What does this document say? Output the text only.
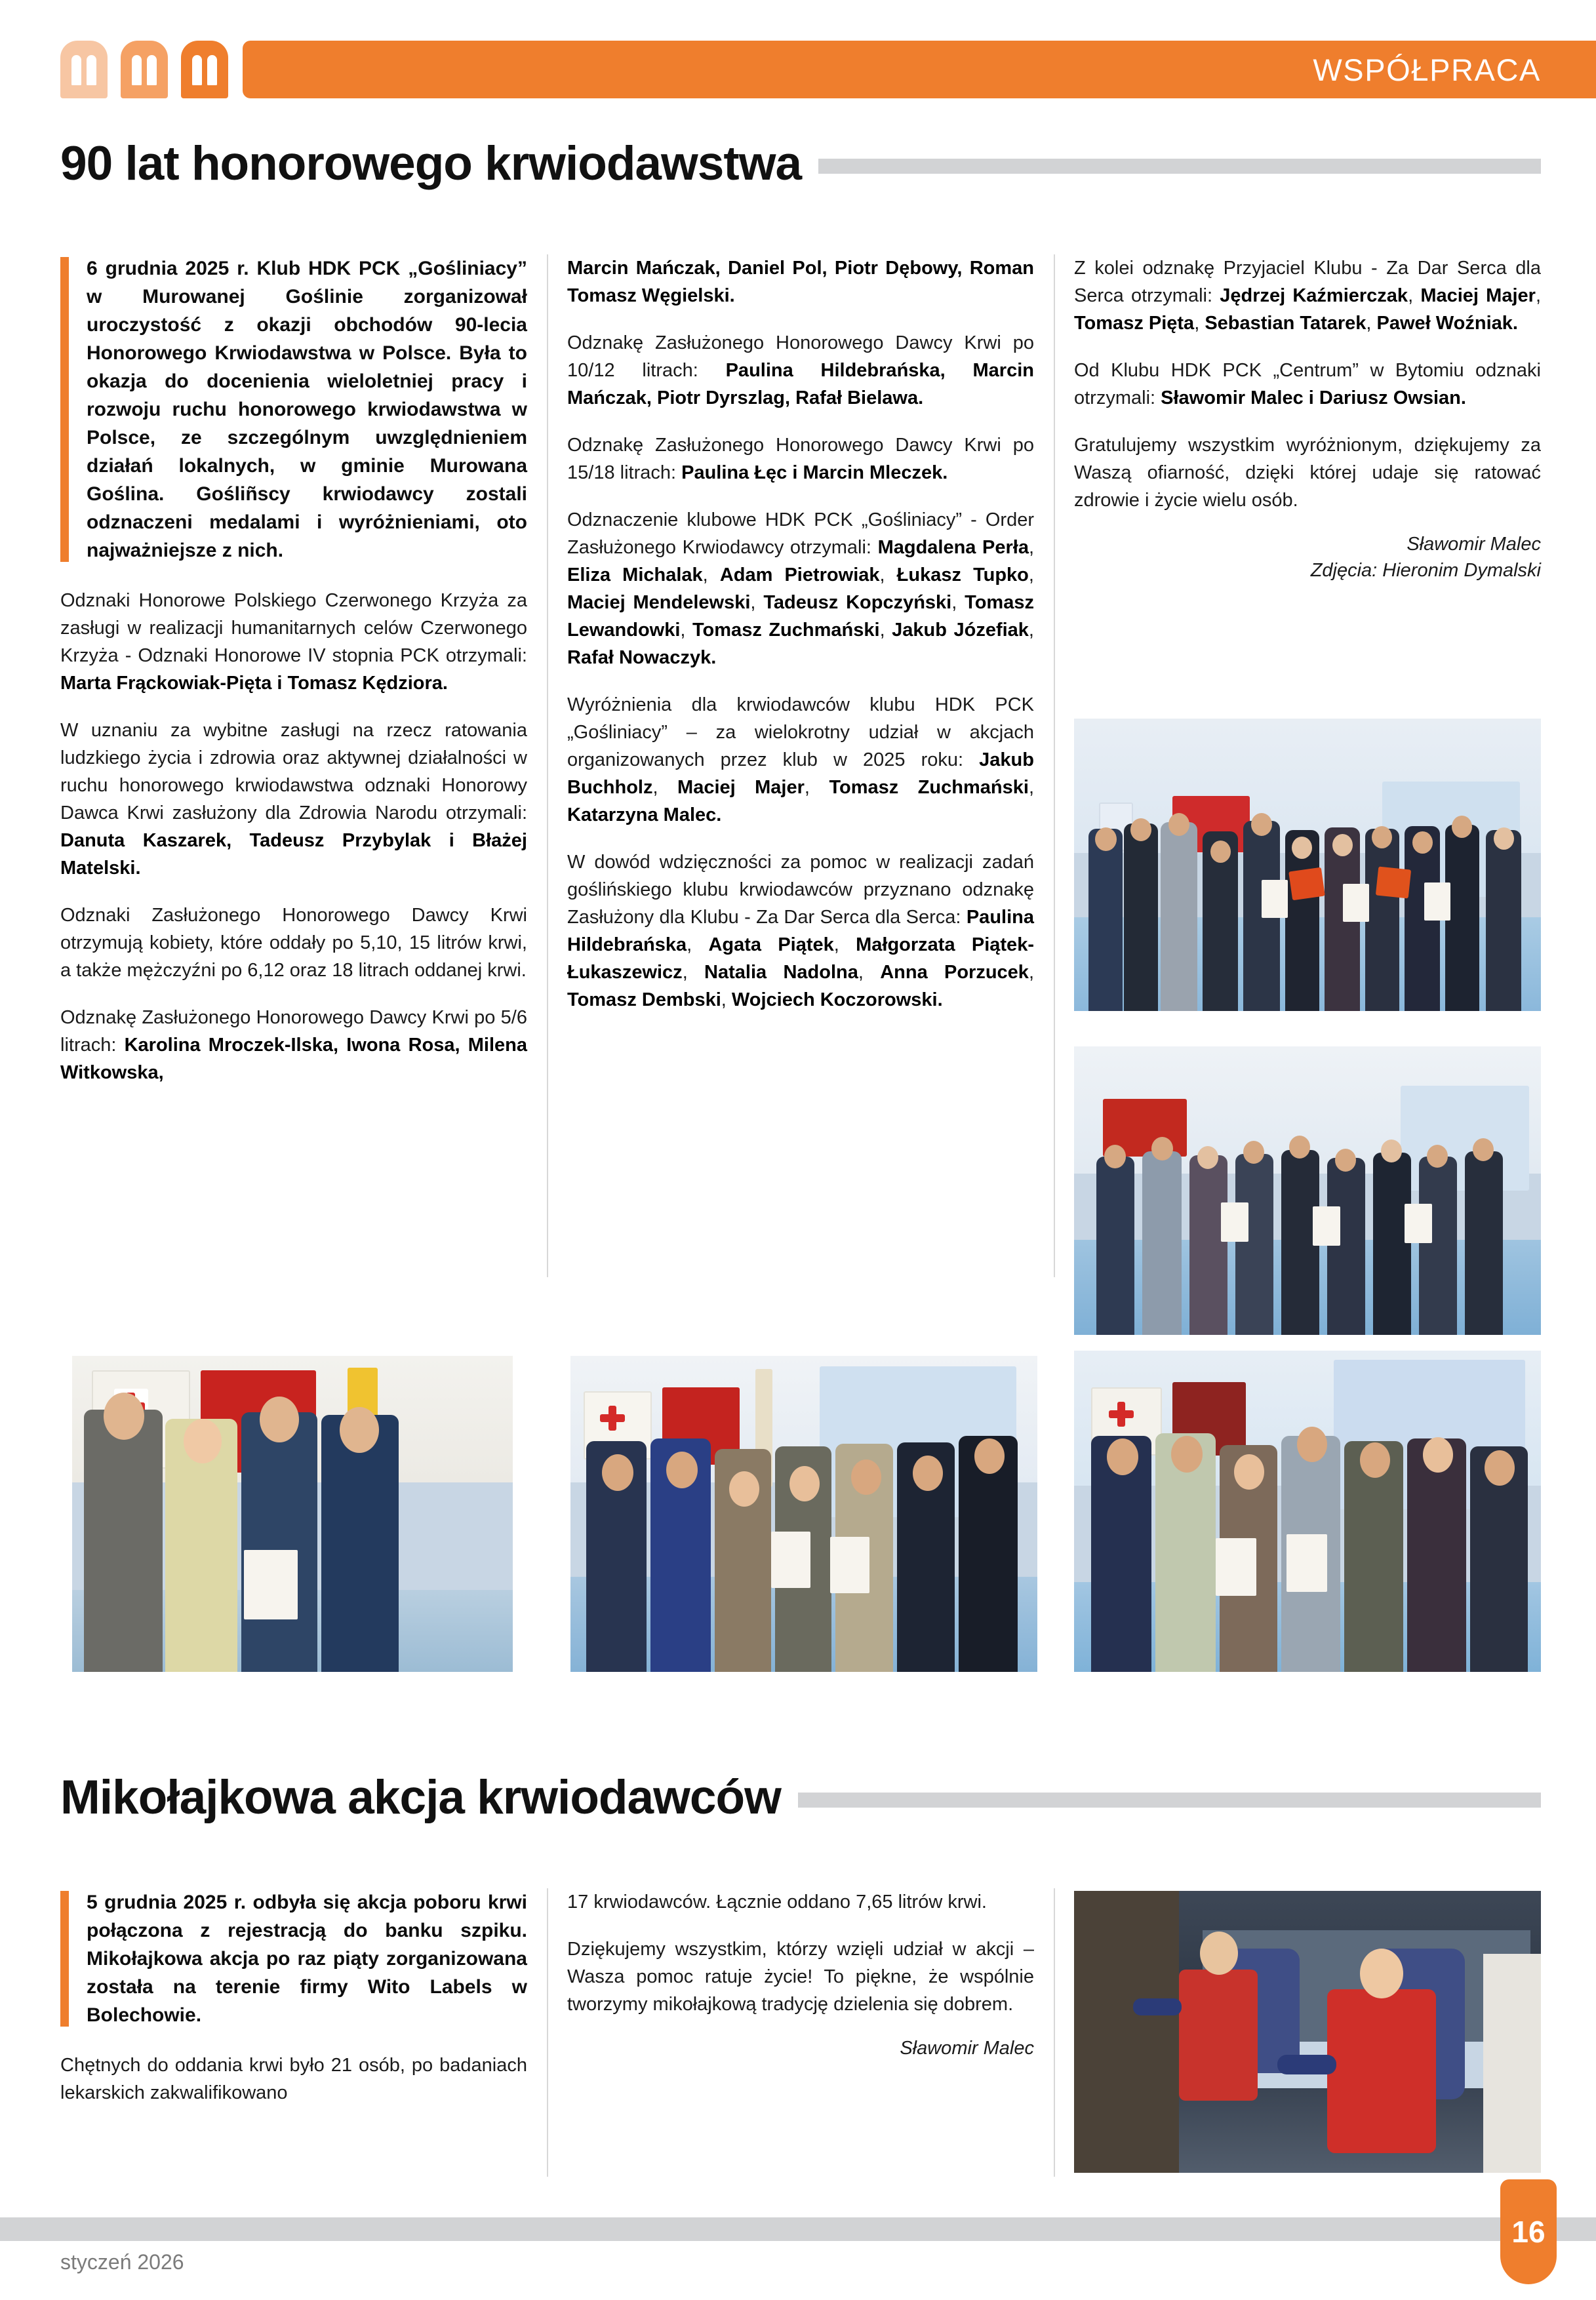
WSPÓŁPRACA
90 lat honorowego krwiodawstwa

6 grudnia 2025 r. Klub HDK PCK „Gośliniacy” w Murowanej Goślinie zorganizował uroczystość z okazji obchodów 90-lecia Honorowego Krwiodawstwa w Polsce. Była to okazja do docenienia wieloletniej pracy i rozwoju ruchu honorowego krwiodawstwa w Polsce, ze szczególnym uwzględnieniem działań lokalnych, w gminie Murowana Goślina. Gośliñscy krwiodawcy zostali odznaczeni medalami i wyróżnieniami, oto najważniejsze z nich.

Odznaki Honorowe Polskiego Czerwonego Krzyża za zasługi w realizacji humanitarnych celów Czerwonego Krzyża - Odznaki Honorowe IV stopnia PCK otrzymali: Marta Frąckowiak-Pięta i Tomasz Kędziora.

W uznaniu za wybitne zasługi na rzecz ratowania ludzkiego życia i zdrowia oraz aktywnej działalności w ruchu honorowego krwiodawstwa odznaki Honorowy Dawca Krwi zasłużony dla Zdrowia Narodu otrzymali: Danuta Kaszarek, Tadeusz Przybylak i Błażej Matelski.

Odznaki Zasłużonego Honorowego Dawcy Krwi otrzymują kobiety, które oddały po 5,10, 15 litrów krwi, a także mężczyźni po 6,12 oraz 18 litrach oddanej krwi.

Odznakę Zasłużonego Honorowego Dawcy Krwi po 5/6 litrach: Karolina Mroczek-Ilska, Iwona Rosa, Milena Witkowska,

Marcin Mańczak, Daniel Pol, Piotr Dębowy, Roman Tomasz Węgielski.

Odznakę Zasłużonego Honorowego Dawcy Krwi po 10/12 litrach: Paulina Hildebrańska, Marcin Mańczak, Piotr Dyrszlag, Rafał Bielawa.

Odznakę Zasłużonego Honorowego Dawcy Krwi po 15/18 litrach: Paulina Łęc i Marcin Mleczek.

Odznaczenie klubowe HDK PCK „Gośliniacy” - Order Zasłużonego Krwiodawcy otrzymali: Magdalena Perła, Eliza Michalak, Adam Pietrowiak, Łukasz Tupko, Maciej Mendelewski, Tadeusz Kopczyński, Tomasz Lewandowki, Tomasz Zuchmański, Jakub Józefiak, Rafał Nowaczyk.

Wyróżnienia dla krwiodawców klubu HDK PCK „Gośliniacy” – za wielokrotny udział w akcjach organizowanych przez klub w 2025 roku: Jakub Buchholz, Maciej Majer, Tomasz Zuchmański, Katarzyna Malec.

W dowód wdzięczności za pomoc w realizacji zadań goślińskiego klubu krwiodawców przyznano odznakę Zasłużony dla Klubu - Za Dar Serca dla Serca: Paulina Hildebrańska, Agata Piątek, Małgorzata Piątek-Łukaszewicz, Natalia Nadolna, Anna Porzucek, Tomasz Dembski, Wojciech Koczorowski.

Z kolei odznakę Przyjaciel Klubu - Za Dar Serca dla Serca otrzymali: Jędrzej Kaźmierczak, Maciej Majer, Tomasz Pięta, Sebastian Tatarek, Paweł Woźniak.

Od Klubu HDK PCK „Centrum” w Bytomiu odznaki otrzymali: Sławomir Malec i Dariusz Owsian.

Gratulujemy wszystkim wyróżnionym, dziękujemy za Waszą ofiarność, dzięki której udaje się ratować zdrowie i życie wielu osób.

Sławomir Malec
Zdjęcia: Hieronim Dymalski
Mikołajkowa akcja krwiodawców

5 grudnia 2025 r. odbyła się akcja poboru krwi połączona z rejestracją do banku szpiku. Mikołajkowa akcja po raz piąty zorganizowana została na terenie firmy Wito Labels w Bolechowie.

Chętnych do oddania krwi było 21 osób, po badaniach lekarskich zakwalifikowano

17 krwiodawców. Łącznie oddano 7,65 litrów krwi.

Dziękujemy wszystkim, którzy wzięli udział w akcji – Wasza pomoc ratuje życie! To piękne, że wspólnie tworzymy mikołajkową tradycję dzielenia się dobrem.

Sławomir Malec
styczeń 2026
16
